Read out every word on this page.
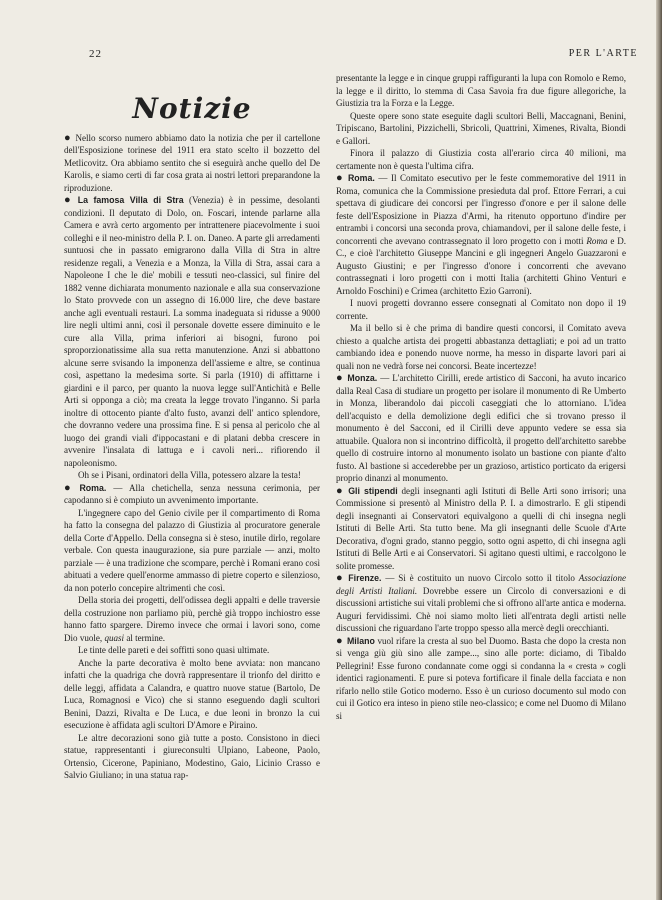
22	PER L'ARTE
Notizie

● Nello scorso numero abbiamo dato la notizia che per il cartellone dell'Esposizione torinese del 1911 era stato scelto il bozzetto del Metlicovitz. Ora abbiamo sentito che si eseguirà anche quello del De Karolis, e siamo certi di far cosa grata ai nostri lettori preparandone la riproduzione.

● La famosa Villa di Stra (Venezia) è in pessime, desolanti condizioni. Il deputato di Dolo, on. Foscari, intende parlarne alla Camera e avrà certo argomento per intrattenere piacevolmente i suoi colleghi e il neo-ministro della P. I. on. Daneo. A parte gli arredamenti suntuosi che in passato emigrarono dalla Villa di Stra in altre residenze regali, a Venezia e a Monza, la Villa di Stra, assai cara a Napoleone I che le die' mobili e tessuti neo-classici, sul finire del 1882 venne dichiarata monumento nazionale e alla sua conservazione lo Stato provvede con un assegno di 16.000 lire, che deve bastare anche agli eventuali restauri. La somma inadeguata si ridusse a 9000 lire negli ultimi anni, così il personale dovette essere diminuito e le cure alla Villa, prima inferiori ai bisogni, furono poi sproporzionatissime alla sua retta manutenzione. Anzi si abbattono alcune serre svisando la imponenza dell'assieme e altre, se continua così, aspettano la medesima sorte. Si parla (1910) di affittarne i giardini e il parco, per quanto la nuova legge sull'Antichità e Belle Arti si opponga a ciò; ma creata la legge trovato l'inganno. Si parla inoltre di ottocento piante d'alto fusto, avanzi dell' antico splendore, che dovranno vedere una prossima fine. E si pensa al pericolo che al luogo dei grandi viali d'ippocastani e di platani debba crescere in avvenire l'insalata di lattuga e i cavoli neri... rifiorendo il napoleonismo.

Oh se i Pisani, ordinatori della Villa, potessero alzare la testa!

● Roma. — Alla chetichella, senza nessuna cerimonia, per capodanno si è compiuto un avvenimento importante.

L'ingegnere capo del Genio civile per il compartimento di Roma ha fatto la consegna del palazzo di Giustizia al procuratore generale della Corte d'Appello. Della consegna si è steso, inutile dirlo, regolare verbale. Con questa inaugurazione, sia pure parziale — anzi, molto parziale — è una tradizione che scompare, perchè i Romani erano così abituati a vedere quell'enorme ammasso di pietre coperto e silenzioso, da non poterlo concepire altrimenti che così.

Della storia dei progetti, dell'odissea degli appalti e delle traversie della costruzione non parliamo più, perchè già troppo inchiostro esse hanno fatto spargere. Diremo invece che ormai i lavori sono, come Dio vuole, quasi al termine.

Le tinte delle pareti e dei soffitti sono quasi ultimate.

Anche la parte decorativa è molto bene avviata: non mancano infatti che la quadriga che dovrà rappresentare il trionfo del diritto e delle leggi, affidata a Calandra, e quattro nuove statue (Bartolo, De Luca, Romagnosi e Vico) che si stanno eseguendo dagli scultori Benini, Dazzi, Rivalta e De Luca, e due leoni in bronzo la cui esecuzione è affidata agli scultori D'Amore e Piraino.

Le altre decorazioni sono già tutte a posto. Consistono in dieci statue, rappresentanti i giureconsulti Ulpiano, Labeone, Paolo, Ortensio, Cicerone, Papiniano, Modestino, Gaio, Licinio Crasso e Salvio Giuliano; in una statua rap-

presentante la legge e in cinque gruppi raffiguranti la lupa con Romolo e Remo, la legge e il diritto, lo stemma di Casa Savoia fra due figure allegoriche, la Giustizia tra la Forza e la Legge.

Queste opere sono state eseguite dagli scultori Belli, Maccagnani, Benini, Tripiscano, Bartolini, Pizzichelli, Sbricoli, Quattrini, Ximenes, Rivalta, Biondi e Gallori.

Finora il palazzo di Giustizia costa all'erario circa 40 milioni, ma certamente non è questa l'ultima cifra.

● Roma. — Il Comitato esecutivo per le feste commemorative del 1911 in Roma, comunica che la Commissione presieduta dal prof. Ettore Ferrari, a cui spettava di giudicare dei concorsi per l'ingresso d'onore e per il salone delle feste dell'Esposizione in Piazza d'Armi, ha ritenuto opportuno d'indire per entrambi i concorsi una seconda prova, chiamandovi, per il salone delle feste, i concorrenti che avevano contrassegnato il loro progetto con i motti Roma e D. C., e cioè l'architetto Giuseppe Mancini e gli ingegneri Angelo Guazzaroni e Augusto Giustini; e per l'ingresso d'onore i concorrenti che avevano contrassegnati i loro progetti con i motti Italia (architetti Ghino Venturi e Arnoldo Foschini) e Crimea (architetto Ezio Garroni).

I nuovi progetti dovranno essere consegnati al Comitato non dopo il 19 corrente.

Ma il bello si è che prima di bandire questi concorsi, il Comitato aveva chiesto a qualche artista dei progetti abbastanza dettagliati; e poi ad un tratto cambiando idea e ponendo nuove norme, ha messo in disparte lavori pari ai quali non ne vedrà forse nei concorsi. Beate incertezze!

● Monza. — L'architetto Cirilli, erede artistico di Sacconi, ha avuto incarico dalla Real Casa di studiare un progetto per isolare il monumento di Re Umberto in Monza, liberandolo dai piccoli caseggiati che lo attorniano. L'idea dell'acquisto e della demolizione degli edifici che si trovano presso il monumento è del Sacconi, ed il Cirilli deve appunto vedere se essa sia attuabile. Qualora non si incontrino difficoltà, il progetto dell'architetto sarebbe quello di costruire intorno al monumento isolato un bastione con piante d'alto fusto. Al bastione si accederebbe per un grazioso, artistico porticato da erigersi proprio dinanzi al monumento.

● Gli stipendi degli insegnanti agli Istituti di Belle Arti sono irrisori; una Commissione si presentò al Ministro della P. I. a dimostrarlo. E gli stipendi degli insegnanti ai Conservatori equivalgono a quelli di chi insegna negli Istituti di Belle Arti. Sta tutto bene. Ma gli insegnanti delle Scuole d'Arte Decorativa, d'ogni grado, stanno peggio, sotto ogni aspetto, di chi insegna agli Istituti di Belle Arti e ai Conservatori. Si agitano questi ultimi, e raccolgono le solite promesse.

● Firenze. — Si è costituito un nuovo Circolo sotto il titolo Associazione degli Artisti Italiani. Dovrebbe essere un Circolo di conversazioni e di discussioni artistiche sui vitali problemi che si offrono all'arte antica e moderna. Auguri fervidissimi. Chè noi siamo molto lieti all'entrata degli artisti nelle discussioni che riguardano l'arte troppo spesso alla mercè degli orecchianti.

● Milano vuol rifare la cresta al suo bel Duomo. Basta che dopo la cresta non si venga giù giù sino alle zampe..., sino alle porte: diciamo, di Tibaldo Pellegrini! Esse furono condannate come oggi si condanna la « cresta » cogli identici ragionamenti. E pure si poteva fortificare il finale della facciata e non rifarlo nello stile Gotico moderno. Esso è un curioso documento sul modo con cui il Gotico era inteso in pieno stile neo-classico; e come nel Duomo di Milano si
